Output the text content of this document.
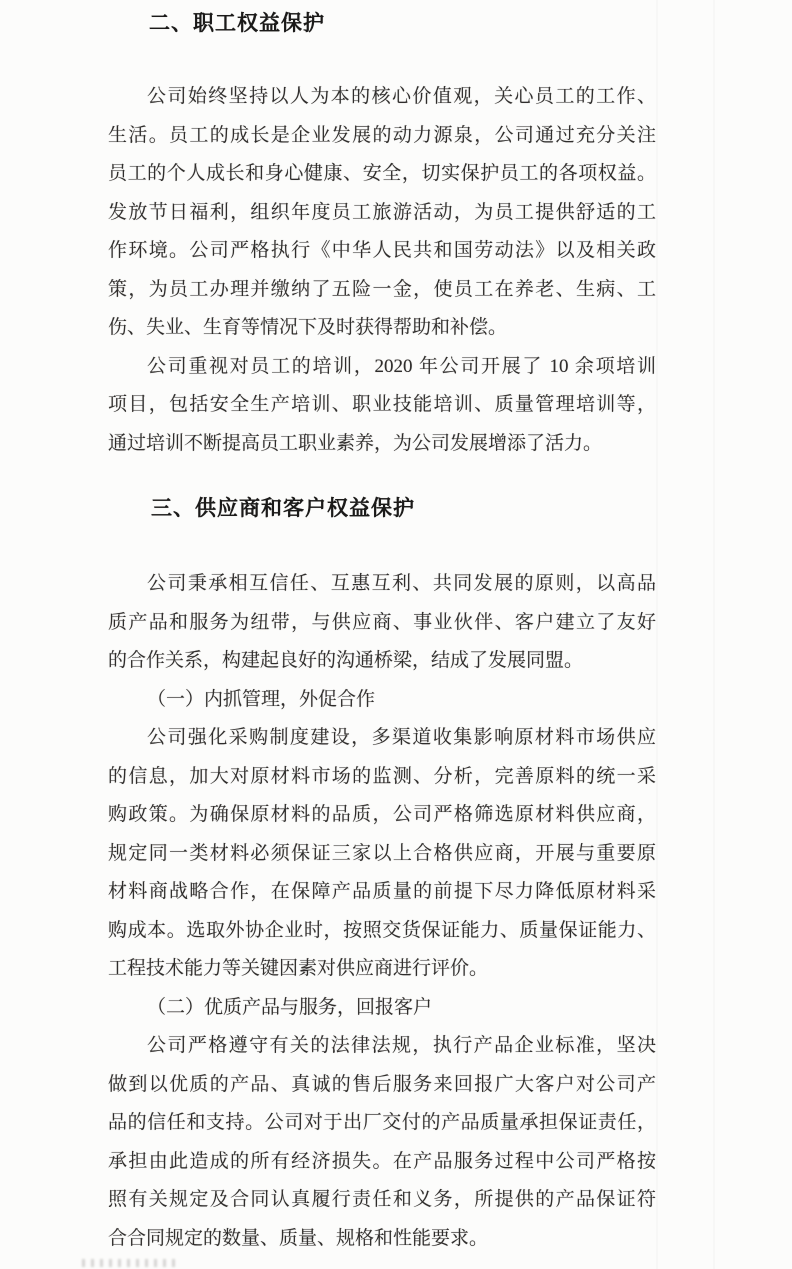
二、职工权益保护
公司始终坚持以人为本的核心价值观，关心员工的工作、
生活。员工的成长是企业发展的动力源泉，公司通过充分关注
员工的个人成长和身心健康、安全，切实保护员工的各项权益。
发放节日福利，组织年度员工旅游活动，为员工提供舒适的工
作环境。公司严格执行《中华人民共和国劳动法》以及相关政
策，为员工办理并缴纳了五险一金，使员工在养老、生病、工
伤、失业、生育等情况下及时获得帮助和补偿。
公司重视对员工的培训，2020 年公司开展了 10 余项培训
项目，包括安全生产培训、职业技能培训、质量管理培训等，
通过培训不断提高员工职业素养，为公司发展增添了活力。
三、供应商和客户权益保护
公司秉承相互信任、互惠互利、共同发展的原则，以高品
质产品和服务为纽带，与供应商、事业伙伴、客户建立了友好
的合作关系，构建起良好的沟通桥梁，结成了发展同盟。
（一）内抓管理，外促合作
公司强化采购制度建设，多渠道收集影响原材料市场供应
的信息，加大对原材料市场的监测、分析，完善原料的统一采
购政策。为确保原材料的品质，公司严格筛选原材料供应商，
规定同一类材料必须保证三家以上合格供应商，开展与重要原
材料商战略合作，在保障产品质量的前提下尽力降低原材料采
购成本。选取外协企业时，按照交货保证能力、质量保证能力、
工程技术能力等关键因素对供应商进行评价。
（二）优质产品与服务，回报客户
公司严格遵守有关的法律法规，执行产品企业标准，坚决
做到以优质的产品、真诚的售后服务来回报广大客户对公司产
品的信任和支持。公司对于出厂交付的产品质量承担保证责任，
承担由此造成的所有经济损失。在产品服务过程中公司严格按
照有关规定及合同认真履行责任和义务，所提供的产品保证符
合合同规定的数量、质量、规格和性能要求。
